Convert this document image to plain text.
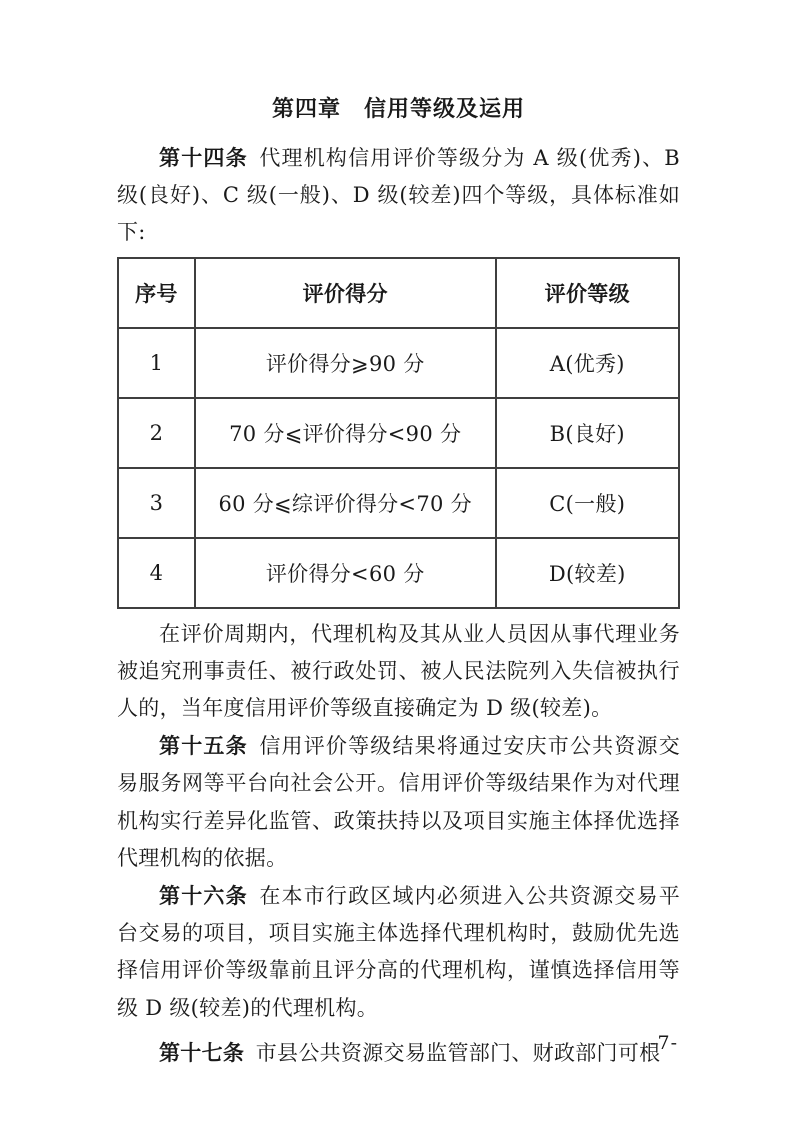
第四章　信用等级及运用

第十四条 代理机构信用评价等级分为 A 级(优秀)、B 级(良好)、C 级(一般)、D 级(较差)四个等级，具体标准如下:

序号	评价得分	评价等级
1	评价得分⩾90 分	A(优秀)
2	70 分⩽评价得分<90 分	B(良好)
3	60 分⩽综评价得分<70 分	C(一般)
4	评价得分<60 分	D(较差)

在评价周期内，代理机构及其从业人员因从事代理业务被追究刑事责任、被行政处罚、被人民法院列入失信被执行人的，当年度信用评价等级直接确定为 D 级(较差)。

第十五条 信用评价等级结果将通过安庆市公共资源交易服务网等平台向社会公开。信用评价等级结果作为对代理机构实行差异化监管、政策扶持以及项目实施主体择优选择代理机构的依据。

第十六条 在本市行政区域内必须进入公共资源交易平台交易的项目，项目实施主体选择代理机构时，鼓励优先选择信用评价等级靠前且评分高的代理机构，谨慎选择信用等级 D 级(较差)的代理机构。

第十七条 市县公共资源交易监管部门、财政部门可根

-7-
